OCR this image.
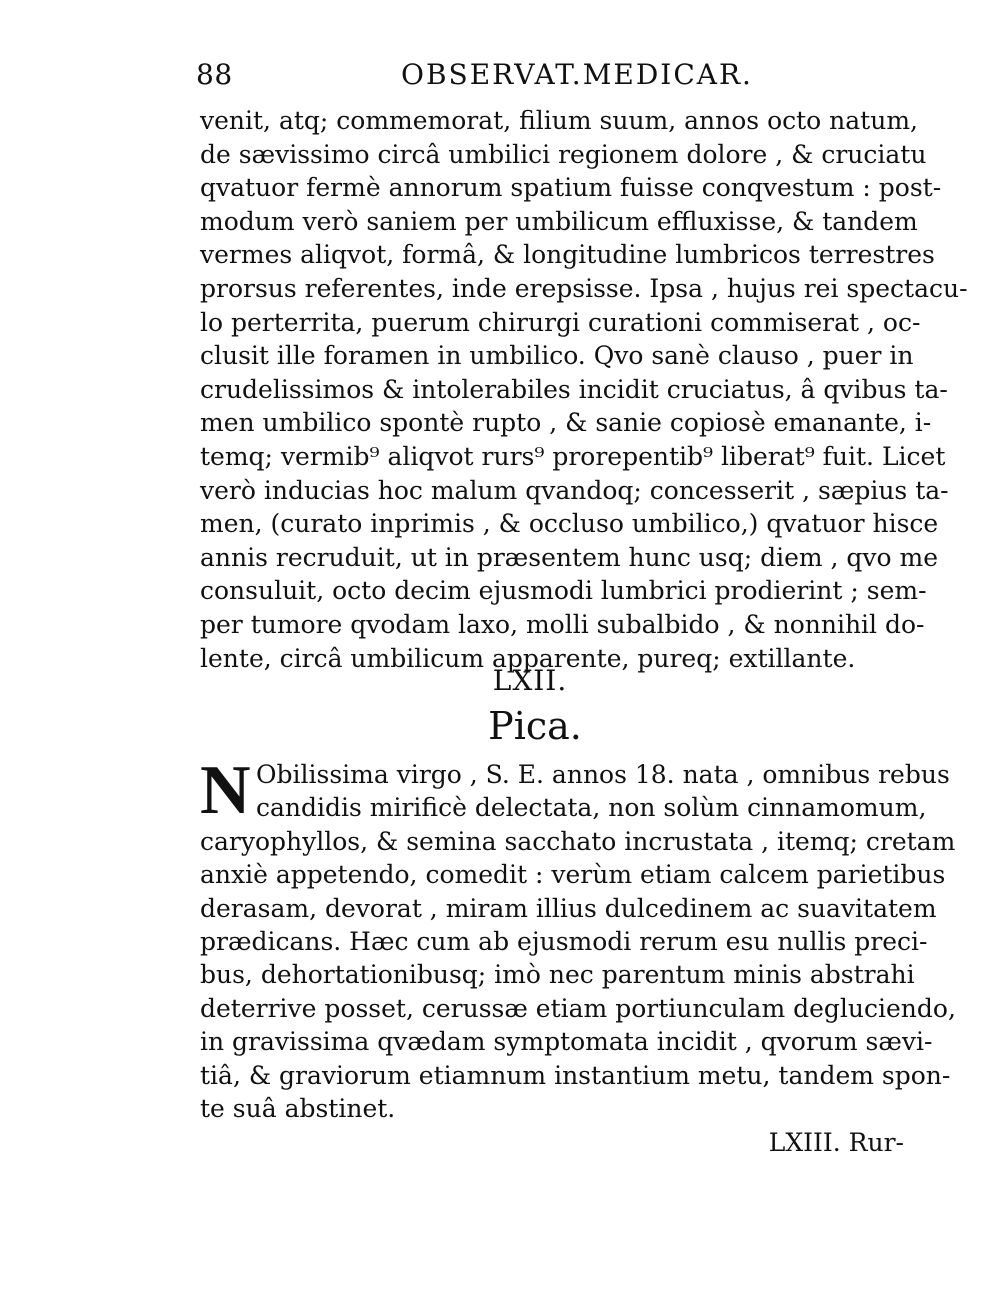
88	OBSERVAT.MEDICAR.
venit, atq; commemorat, filium suum, annos octo natum,
de sævissimo circâ umbilici regionem dolore , & cruciatu
qvatuor fermè annorum spatium fuisse conqvestum : post-
modum verò saniem per umbilicum effluxisse, & tandem
vermes aliqvot, formâ, & longitudine lumbricos terrestres
prorsus referentes, inde erepsisse. Ipsa , hujus rei spectacu-
lo perterrita, puerum chirurgi curationi commiserat , oc-
clusit ille foramen in umbilico. Qvo sanè clauso , puer in
crudelissimos & intolerabiles incidit cruciatus, â qvibus ta-
men umbilico spontè rupto , & sanie copiosè emanante, i-
temq; vermib⁹ aliqvot rurs⁹ prorepentib⁹ liberat⁹ fuit. Licet
verò inducias hoc malum qvandoq; concesserit , sæpius ta-
men, (curato inprimis , & occluso umbilico,) qvatuor hisce
annis recruduit, ut in præsentem hunc usq; diem , qvo me
consuluit, octo decim ejusmodi lumbrici prodierint ; sem-
per tumore qvodam laxo, molli subalbido , & nonnihil do-
lente, circâ umbilicum apparente, pureq; extillante.
LXII.
Pica.
N Obilissima virgo , S. E. annos 18. nata , omnibus rebus
candidis mirificè delectata, non solùm cinnamomum,
caryophyllos, & semina sacchato incrustata , itemq; cretam
anxiè appetendo, comedit : verùm etiam calcem parietibus
derasam, devorat , miram illius dulcedinem ac suavitatem
prædicans. Hæc cum ab ejusmodi rerum esu nullis preci-
bus, dehortationibusq; imò nec parentum minis abstrahi
deterrive posset, cerussæ etiam portiunculam degluciendo,
in gravissima qvædam symptomata incidit , qvorum sævi-
tiâ, & graviorum etiamnum instantium metu, tandem spon-
te suâ abstinet.
LXIII. Rur-
